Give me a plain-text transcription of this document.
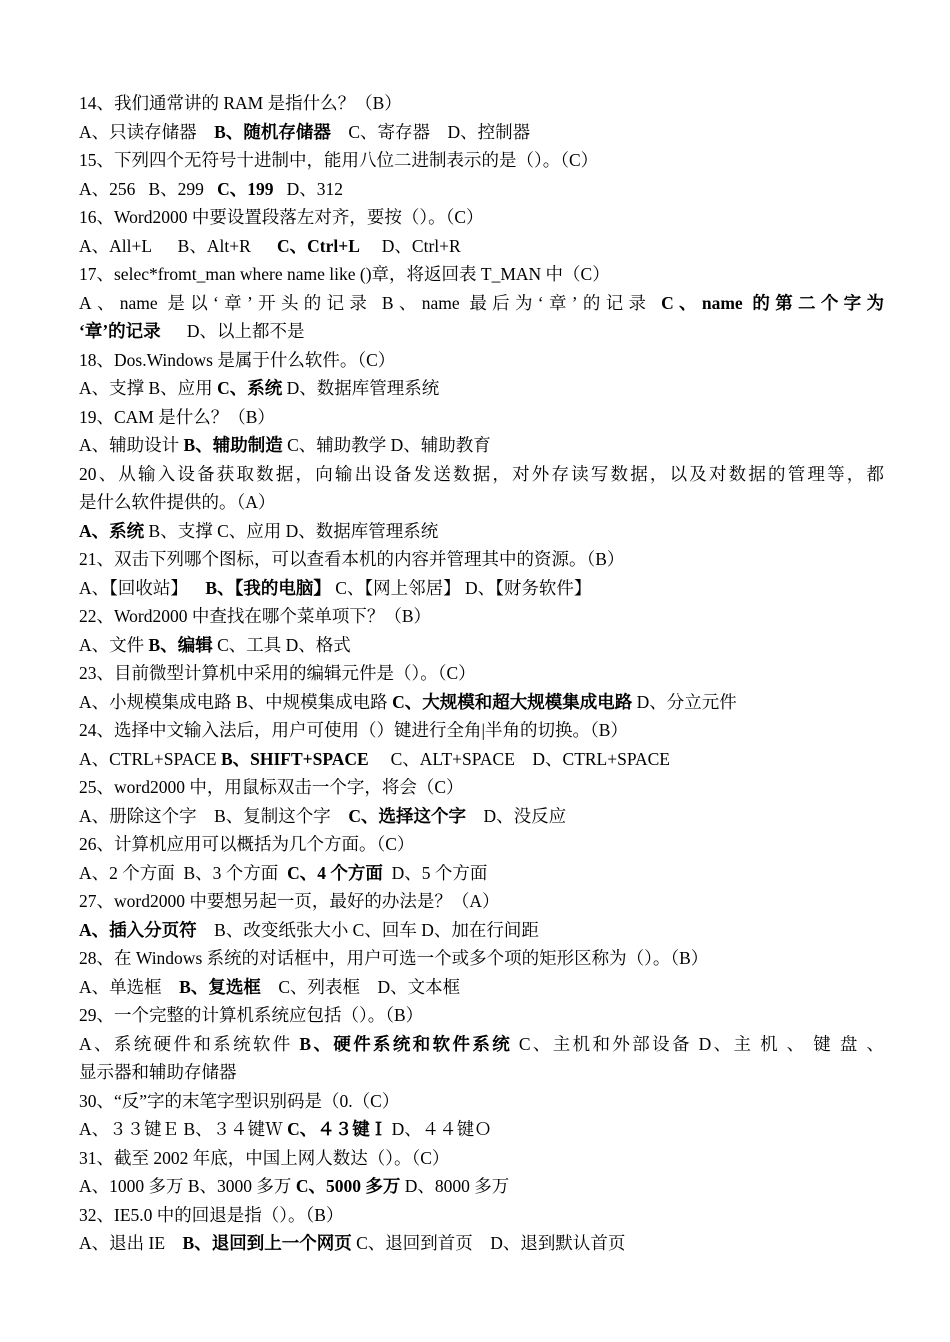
14、我们通常讲的 RAM 是指什么？（B）
A、只读存储器    B、随机存储器    C、寄存器    D、控制器
15、下列四个无符号十进制中，能用八位二进制表示的是（）。（C）
A、256   B、299   C、199   D、312
16、Word2000 中要设置段落左对齐，要按（）。（C）
A、All+L      B、Alt+R      C、Ctrl+L     D、Ctrl+R
17、selec*fromt_man where name like ()章，将返回表 T_MAN 中（C）
A、name 是以‘章’开头的记录 B、name 最后为‘章’的记录 C、name 的第二个字为
‘章’的记录      D、以上都不是
18、Dos.Windows 是属于什么软件。（C）
A、支撑 B、应用 C、系统 D、数据库管理系统
19、CAM 是什么？（B）
A、辅助设计 B、辅助制造 C、辅助教学 D、辅助教育
20、从输入设备获取数据，向输出设备发送数据，对外存读写数据，以及对数据的管理等，都
是什么软件提供的。（A）
A、系统 B、支撑 C、应用 D、数据库管理系统
21、双击下列哪个图标，可以查看本机的内容并管理其中的资源。（B）
A、【回收站】    B、【我的电脑】 C、【网上邻居】 D、【财务软件】
22、Word2000 中查找在哪个菜单项下？（B）
A、文件 B、编辑 C、工具 D、格式
23、目前微型计算机中采用的编辑元件是（）。（C）
A、小规模集成电路 B、中规模集成电路 C、大规模和超大规模集成电路 D、分立元件
24、选择中文输入法后，用户可使用（）键进行全角|半角的切换。（B）
A、CTRL+SPACE B、SHIFT+SPACE     C、ALT+SPACE    D、CTRL+SPACE
25、word2000 中，用鼠标双击一个字，将会（C）
A、册除这个字    B、复制这个字    C、选择这个字    D、没反应
26、计算机应用可以概括为几个方面。（C）
A、2 个方面  B、3 个方面  C、4 个方面  D、5 个方面
27、word2000 中要想另起一页，最好的办法是？（A）
A、插入分页符    B、改变纸张大小 C、回车 D、加在行间距
28、在 Windows 系统的对话框中，用户可选一个或多个项的矩形区称为（）。（B）
A、单选框    B、复选框    C、列表框    D、文本框
29、一个完整的计算机系统应包括（）。（B）
A、系统硬件和系统软件 B、硬件系统和软件系统 C、主机和外部设备 D、主 机 、 键 盘 、
显示器和辅助存储器
30、“反”字的末笔字型识别码是（0.（C）
A、３３键Ｅ B、３４键Ｗ C、４３键Ｉ D、４４键Ｏ
31、截至 2002 年底，中国上网人数达（）。（C）
A、1000 多万 B、3000 多万 C、5000 多万 D、8000 多万
32、IE5.0 中的回退是指（）。（B）
A、退出 IE    B、退回到上一个网页 C、退回到首页    D、退到默认首页
